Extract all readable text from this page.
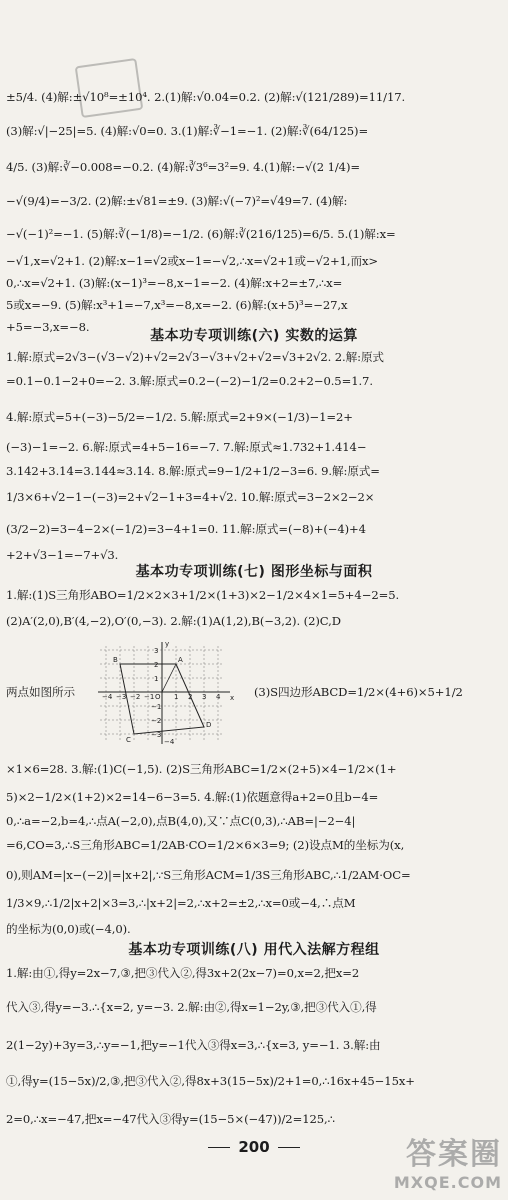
±5/4. (4)解:±√10⁸=±10⁴. 2.(1)解:√0.04=0.2. (2)解:√(121/289)=11/17.
(3)解:√|−25|=5. (4)解:√0=0. 3.(1)解:∛−1=−1. (2)解:∛(64/125)=
4/5. (3)解:∛−0.008=−0.2. (4)解:∛3⁶=3²=9. 4.(1)解:−√(2 1/4)=
−√(9/4)=−3/2. (2)解:±√81=±9. (3)解:√(−7)²=√49=7. (4)解:
−√(−1)²=−1. (5)解:∛(−1/8)=−1/2. (6)解:∛(216/125)=6/5. 5.(1)解:x=
−√1,x=√2+1. (2)解:x−1=√2或x−1=−√2,∴x=√2+1或−√2+1,而x>
0,∴x=√2+1. (3)解:(x−1)³=−8,x−1=−2. (4)解:x+2=±7,∴x=
5或x=−9. (5)解:x³+1=−7,x³=−8,x=−2. (6)解:(x+5)³=−27,x
+5=−3,x=−8.
基本功专项训练(六) 实数的运算
1.解:原式=2√3−(√3−√2)+√2=2√3−√3+√2+√2=√3+2√2. 2.解:原式
=0.1−0.1−2+0=−2. 3.解:原式=0.2−(−2)−1/2=0.2+2−0.5=1.7.
4.解:原式=5+(−3)−5/2=−1/2. 5.解:原式=2+9×(−1/3)−1=2+
(−3)−1=−2. 6.解:原式=4+5−16=−7. 7.解:原式≈1.732+1.414−
3.142+3.14=3.144≈3.14. 8.解:原式=9−1/2+1/2−3=6. 9.解:原式=
1/3×6+√2−1−(−3)=2+√2−1+3=4+√2. 10.解:原式=3−2×2−2×
(3/2−2)=3−4−2×(−1/2)=3−4+1=0. 11.解:原式=(−8)+(−4)+4
+2+√3−1=−7+√3.
基本功专项训练(七) 图形坐标与面积
1.解:(1)S三角形ABO=1/2×2×3+1/2×(1+3)×2−1/2×4×1=5+4−2=5.
(2)A′(2,0),B′(4,−2),O′(0,−3). 2.解:(1)A(1,2),B(−3,2). (2)C,D
两点如图所示	(3)S四边形ABCD=1/2×(4+6)×5+1/2
B	A
C
D
x
y
−4 −3 −2 −1 O 1 2 3 4
3
2
1
−1
−2
−3
−4
×1×6=28. 3.解:(1)C(−1,5). (2)S三角形ABC=1/2×(2+5)×4−1/2×(1+
5)×2−1/2×(1+2)×2=14−6−3=5. 4.解:(1)依题意得a+2=0且b−4=
0,∴a=−2,b=4,∴点A(−2,0),点B(4,0),又∵点C(0,3),∴AB=|−2−4|
=6,CO=3,∴S三角形ABC=1/2AB·CO=1/2×6×3=9; (2)设点M的坐标为(x,
0),则AM=|x−(−2)|=|x+2|,∵S三角形ACM=1/3S三角形ABC,∴1/2AM·OC=
1/3×9,∴1/2|x+2|×3=3,∴|x+2|=2,∴x+2=±2,∴x=0或−4,∴点M
的坐标为(0,0)或(−4,0).
基本功专项训练(八) 用代入法解方程组
1.解:由①,得y=2x−7,③,把③代入②,得3x+2(2x−7)=0,x=2,把x=2
代入③,得y=−3.∴{x=2, y=−3. 2.解:由②,得x=1−2y,③,把③代入①,得
2(1−2y)+3y=3,∴y=−1,把y=−1代入③得x=3,∴{x=3, y=−1. 3.解:由
①,得y=(15−5x)/2,③,把③代入②,得8x+3(15−5x)/2+1=0,∴16x+45−15x+
2=0,∴x=−47,把x=−47代入③得y=(15−5×(−47))/2=125,∴
200	答案圈
MXQE.COM
